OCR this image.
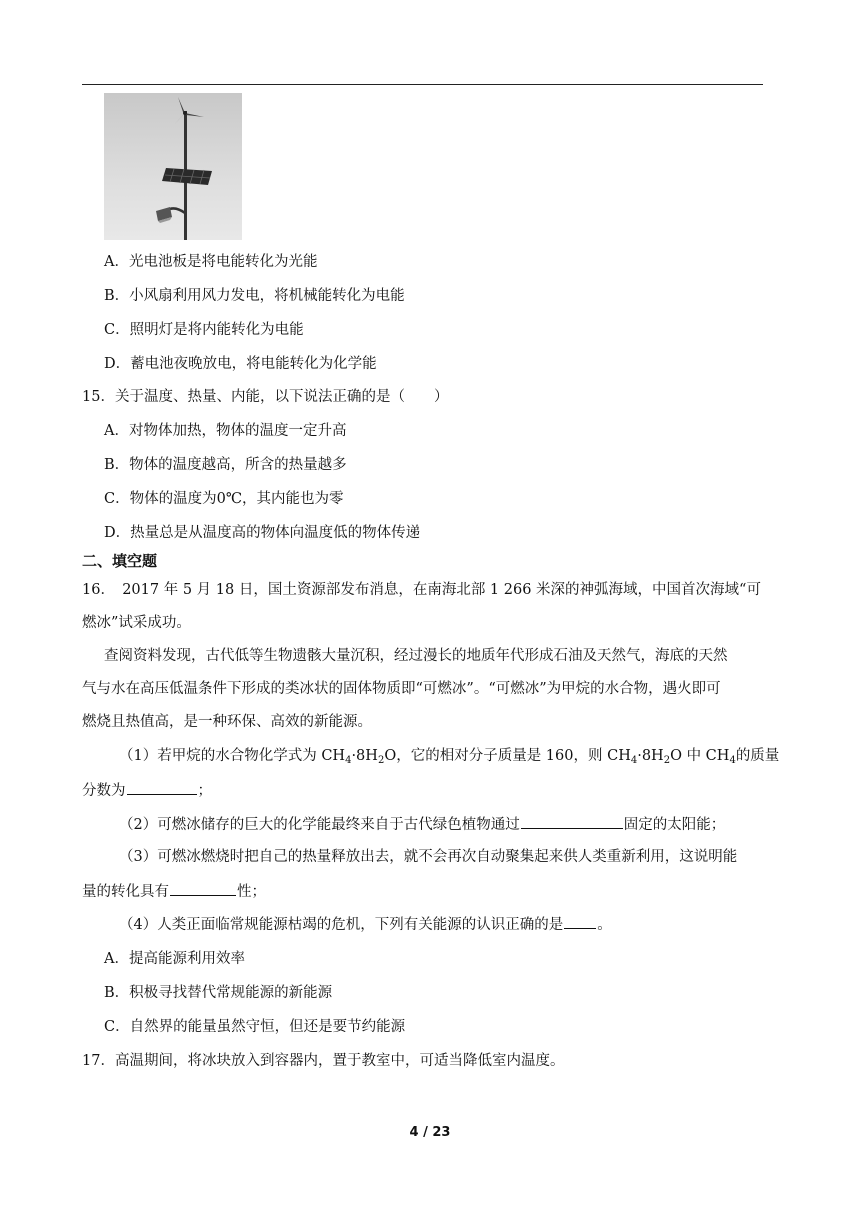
A．光电池板是将电能转化为光能
B．小风扇利用风力发电，将机械能转化为电能
C．照明灯是将内能转化为电能
D．蓄电池夜晚放电，将电能转化为化学能
15．关于温度、热量、内能，以下说法正确的是（　　）
A．对物体加热，物体的温度一定升高
B．物体的温度越高，所含的热量越多
C．物体的温度为0℃，其内能也为零
D．热量总是从温度高的物体向温度低的物体传递
二、填空题
16．　2017 年 5 月 18 日，国土资源部发布消息，在南海北部 1 266 米深的神弧海域，中国首次海域“可
燃冰”试采成功。
查阅资料发现，古代低等生物遗骸大量沉积，经过漫长的地质年代形成石油及天然气，海底的天然
气与水在高压低温条件下形成的类冰状的固体物质即“可燃冰”。“可燃冰”为甲烷的水合物，遇火即可
燃烧且热值高，是一种环保、高效的新能源。
（1）若甲烷的水合物化学式为 $CH_4\cdot 8H_2O$，它的相对分子质量是 160，则 $CH_4\cdot 8H_2O$ 中 $CH_4$的质量
分数为	；
（2）可燃冰储存的巨大的化学能最终来自于古代绿色植物通过	固定的太阳能；
（3）可燃冰燃烧时把自己的热量释放出去，就不会再次自动聚集起来供人类重新利用，这说明能
量的转化具有	性；
（4）人类正面临常规能源枯竭的危机，下列有关能源的认识正确的是 。
A．提高能源利用效率
B．积极寻找替代常规能源的新能源
C．自然界的能量虽然守恒，但还是要节约能源
17．高温期间，将冰块放入到容器内，置于教室中，可适当降低室内温度。
4 / 23
